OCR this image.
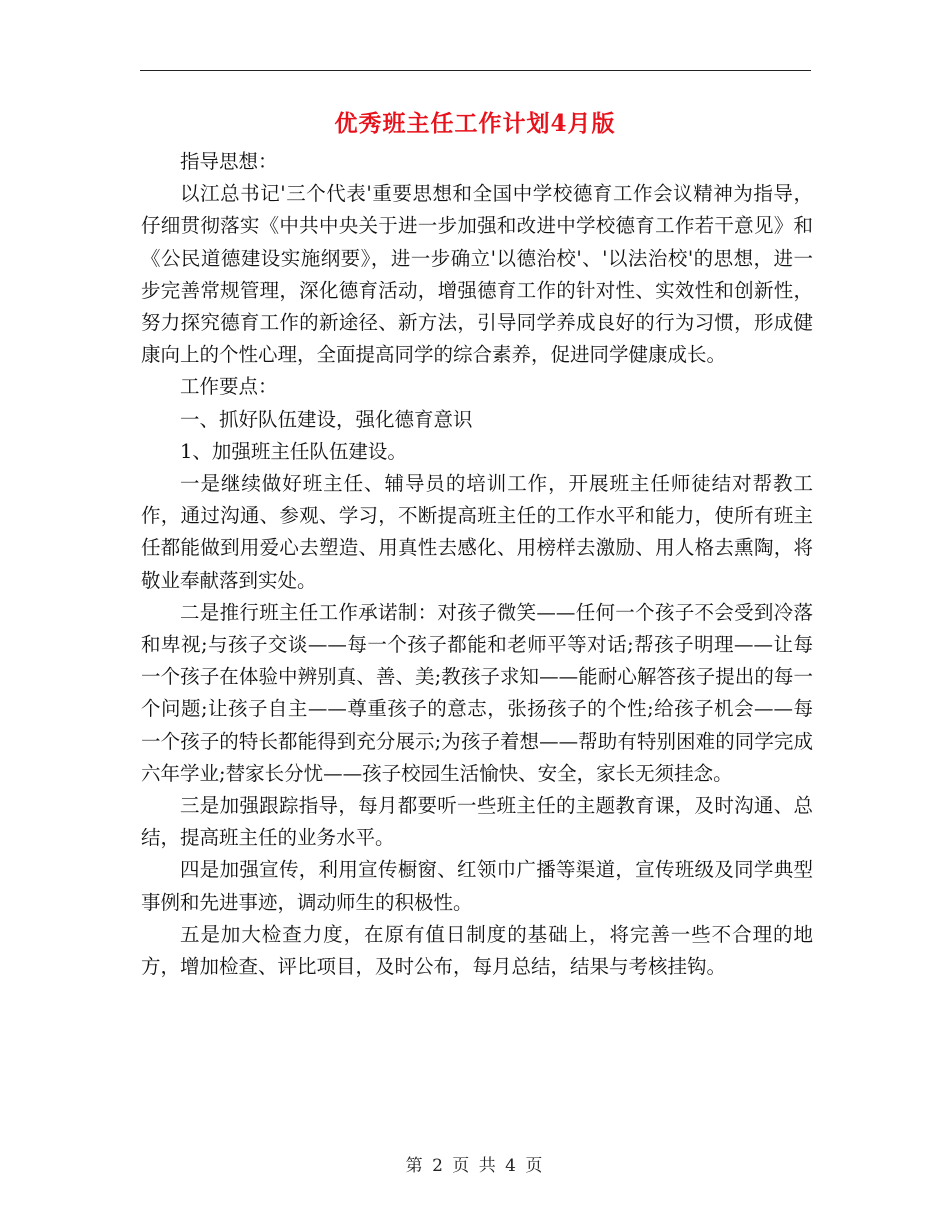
优秀班主任工作计划4月版

指导思想：

以江总书记'三个代表'重要思想和全国中学校德育工作会议精神为指导，仔细贯彻落实《中共中央关于进一步加强和改进中学校德育工作若干意见》和《公民道德建设实施纲要》，进一步确立'以德治校'、'以法治校'的思想，进一步完善常规管理，深化德育活动，增强德育工作的针对性、实效性和创新性，努力探究德育工作的新途径、新方法，引导同学养成良好的行为习惯，形成健康向上的个性心理，全面提高同学的综合素养，促进同学健康成长。

工作要点：

一、抓好队伍建设，强化德育意识

1、加强班主任队伍建设。

一是继续做好班主任、辅导员的培训工作，开展班主任师徒结对帮教工作，通过沟通、参观、学习，不断提高班主任的工作水平和能力，使所有班主任都能做到用爱心去塑造、用真性去感化、用榜样去激励、用人格去熏陶，将敬业奉献落到实处。

二是推行班主任工作承诺制：对孩子微笑——任何一个孩子不会受到冷落和卑视;与孩子交谈——每一个孩子都能和老师平等对话;帮孩子明理——让每一个孩子在体验中辨别真、善、美;教孩子求知——能耐心解答孩子提出的每一个问题;让孩子自主——尊重孩子的意志，张扬孩子的个性;给孩子机会——每一个孩子的特长都能得到充分展示;为孩子着想——帮助有特别困难的同学完成六年学业;替家长分忧——孩子校园生活愉快、安全，家长无须挂念。

三是加强跟踪指导，每月都要听一些班主任的主题教育课，及时沟通、总结，提高班主任的业务水平。

四是加强宣传，利用宣传橱窗、红领巾广播等渠道，宣传班级及同学典型事例和先进事迹，调动师生的积极性。

五是加大检查力度，在原有值日制度的基础上，将完善一些不合理的地方，增加检查、评比项目，及时公布，每月总结，结果与考核挂钩。

第 2 页 共 4 页
